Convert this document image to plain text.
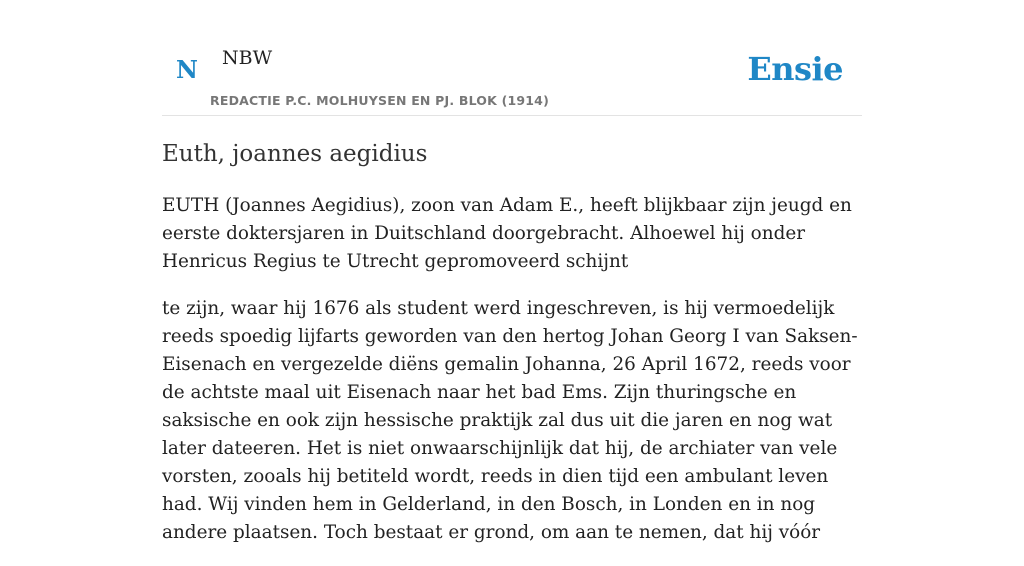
N NBW
REDACTIE P.C. MOLHUYSEN EN PJ. BLOK (1914)
Ensie
Euth, joannes aegidius

EUTH (Joannes Aegidius), zoon van Adam E., heeft blijkbaar zijn jeugd en eerste doktersjaren in Duitschland doorgebracht. Alhoewel hij onder Henricus Regius te Utrecht gepromoveerd schijnt

te zijn, waar hij 1676 als student werd ingeschreven, is hij vermoedelijk reeds spoedig lijfarts geworden van den hertog Johan Georg I van Saksen-Eisenach en vergezelde diëns gemalin Johanna, 26 April 1672, reeds voor de achtste maal uit Eisenach naar het bad Ems. Zijn thuringsche en saksische en ook zijn hessische praktijk zal dus uit die jaren en nog wat later dateeren. Het is niet onwaarschijnlijk dat hij, de archiater van vele vorsten, zooals hij betiteld wordt, reeds in dien tijd een ambulant leven had. Wij vinden hem in Gelderland, in den Bosch, in Londen en in nog andere plaatsen. Toch bestaat er grond, om aan te nemen, dat hij vóór
